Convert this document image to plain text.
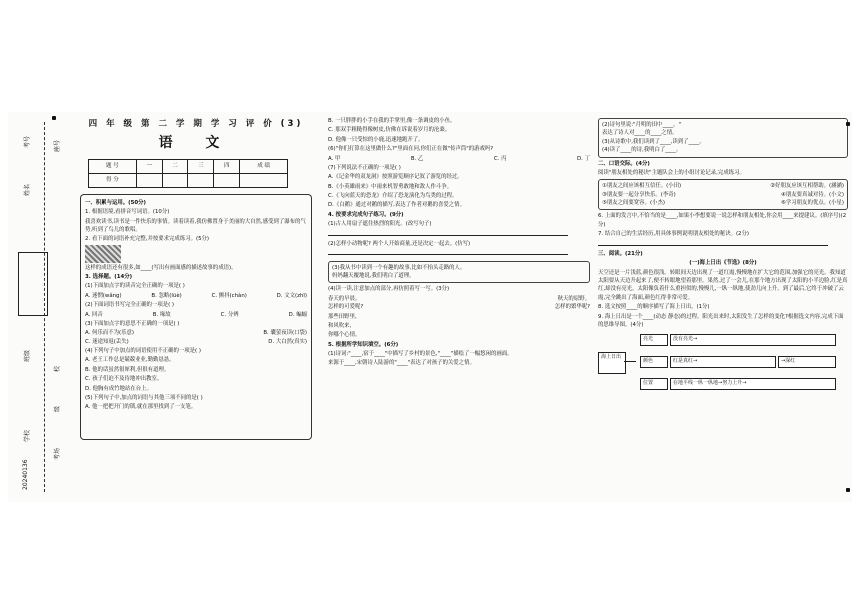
考号
姓名
班级
学校
20240136
座号
校
级
考场
四 年 级 第 二 学 期 学 习 评 价 (3)
语 文
题 号	一	二	三	四	成 绩
得 分					
一、积累与运用。(50分)
1. 根据语境,看拼音写词语。(10分)
我喜欢读书,读书是一件快乐的事情。读着读着,我仿佛置身于美丽的大自然,感受到了瀑布的气势,听到了鸟儿的歌唱。
2. 看下面的词语补充完整,并按要求完成练习。(5分)
这样的成语还有很多,如____(写出有画面感的描述故事的成语)。
3. 选择题。(14分)
(1)下面加点字的读音完全正确的一项是( )
A. 迷惘(wǎng)	B. 忽略(lüè)	C. 颤抖(chàn)	D. 文文(zhī)
(2)下面词语书写完全正确的一项是( )
A. 回音	B. 缘故	C. 分辨	D. 蝙蝠
(3)下面加点字的意思不正确的一项是( )
A. 何乐而不为(乐意)	B. 囊萤夜读(口袋)
C. 迷途知返(丢失)	D. 大白然(真实)
(4)下列句子中加点的词语使用不正确的一项是( )
A. 老王工作总是兢兢业业,勤勤恳恳。
B. 他的话虽然很犀利,但很有道理。
C. 孩子们迫不及待地冲出教室。
D. 他胸有成竹地站在台上。
(5)下列句子中,加点的词语与其他三项不同的是( )
A. 他一把把开门的锁,就在那里找到了一支笔。
B. 一只胖胖的小手在我的手掌里,像一条调皮的小鱼。
C. 那双手粗糙得像树皮,仿佛在诉说着岁月的沧桑。
D. 他像一只受惊的小鹿,迅速地跑开了。
(6)"你们打算在这里做什么?"里面在问,你们正在做"传声筒"的游戏吗?
A. 甲	B. 乙	C. 丙	D. 丁
(7)下列说法不正确的一项是( )
A.《记金华的双龙洞》按照游览顺序记叙了游览的经过。
B.《小英雄雨来》中雨来机智勇敢地和敌人作斗争。
C.《飞向蓝天的恐龙》介绍了恐龙演化为鸟类的过程。
D.《白鹅》通过对鹅的描写,表达了作者对鹅的喜爱之情。
4. 按要求完成句子练习。(9分)
(1)古人用扇子遮住热烈的阳光。(改写句子)
(2)怎样小动物呢? 两个人开始商量,还是决定一起去。(仿写)
(3)我从书中读到一个有趣的故事,比如不抬头走路的人。
妈妈翻天覆地说,我们明白了道理。
(4)读一读,注意加点的部分,再仿照着写一写。(3分)
春天的早晨。	秋天的原野。
怎样的可爱呢?	怎样的繁华呢?
那些田野里,
和风吹来,
你哪个心情。
5. 根据所学知识填空。(6分)
(1)诗词:"____,宿于____"中描写了乡村的景色,"____"描绘了一幅悠闲的画面。
来源于____,宋朝诗人陆游的"____"表达了对孩子的关爱之情。
(2)诗句里说:"月明的田中____。"
表达了诗人对____的____之情。
(3)从诗歌中,我们读到了____,读到了____。
(4)读了____的诗,我明白了____。
二、口语交际。(4分)
阅读"朋友相处的秘诀"主题队会上的小组讨论记录,完成练习。
①朋友之间应该相互信任。(小田)	②好朋友应该互相帮助。(涵涵)
③朋友要一起分享快乐。(李奇)	④朋友要真诚对待。(小文)
⑤朋友之间要宽容。(小杰)	⑥学习朋友的优点。(小星)
6. 上面的发言中,不恰当的是____,如果小李想要说一说怎样和朋友相处,你会用____来提建议。(填序号)(2分)
7. 结合自己的生活经历,用具体事例说明朋友相处的秘诀。(2分)
三、阅读。(21分)
(一)海上日出《节选》(8分)
天空还是一片浅蓝,颜色很浅。转眼间天边出现了一道红霞,慢慢地在扩大它的范围,加强它的亮光。我知道太阳要从天边升起来了,便不转眼地望着那里。果然,过了一会儿,在那个地方出现了太阳的小半边脸,红是真红,却没有亮光。太阳像负着什么重担似的,慢慢儿,一纵一纵地,使劲儿向上升。到了最后,它终于冲破了云霞,完全跳出了海面,颜色红得非常可爱。
8. 选文按照____的顺序描写了海上日出。(1分)
9. 海上日出是一个____(动态 静态)的过程。阳光出来时,太阳发生了怎样的变化?根据选文内容,完成下面的思维导图。(4分)
海上日出
亮光
颜色
位置
没有亮光→
红是真红→	→深红
在地平线一纵一纵地→努力上升→
